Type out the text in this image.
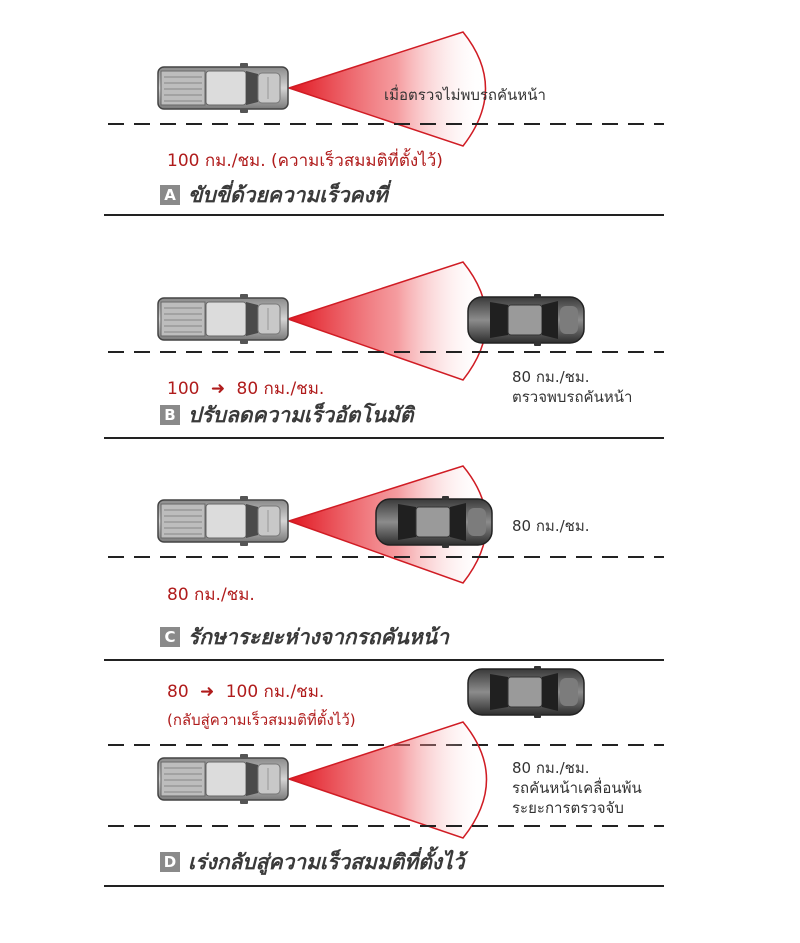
เมื่อตรวจไม่พบรถคันหน้า
100 กม./ชม. (ความเร็วสมมติที่ตั้งไว้)
A ขับขี่ด้วยความเร็วคงที่
100 ➜ 80 กม./ชม.
80 กม./ชม.
ตรวจพบรถคันหน้า
B ปรับลดความเร็วอัตโนมัติ
80 กม./ชม.
80 กม./ชม.
C รักษาระยะห่างจากรถคันหน้า
80 ➜ 100 กม./ชม.
(กลับสู่ความเร็วสมมติที่ตั้งไว้)
80 กม./ชม.
รถคันหน้าเคลื่อนพ้น
ระยะการตรวจจับ
D เร่งกลับสู่ความเร็วสมมติที่ตั้งไว้
